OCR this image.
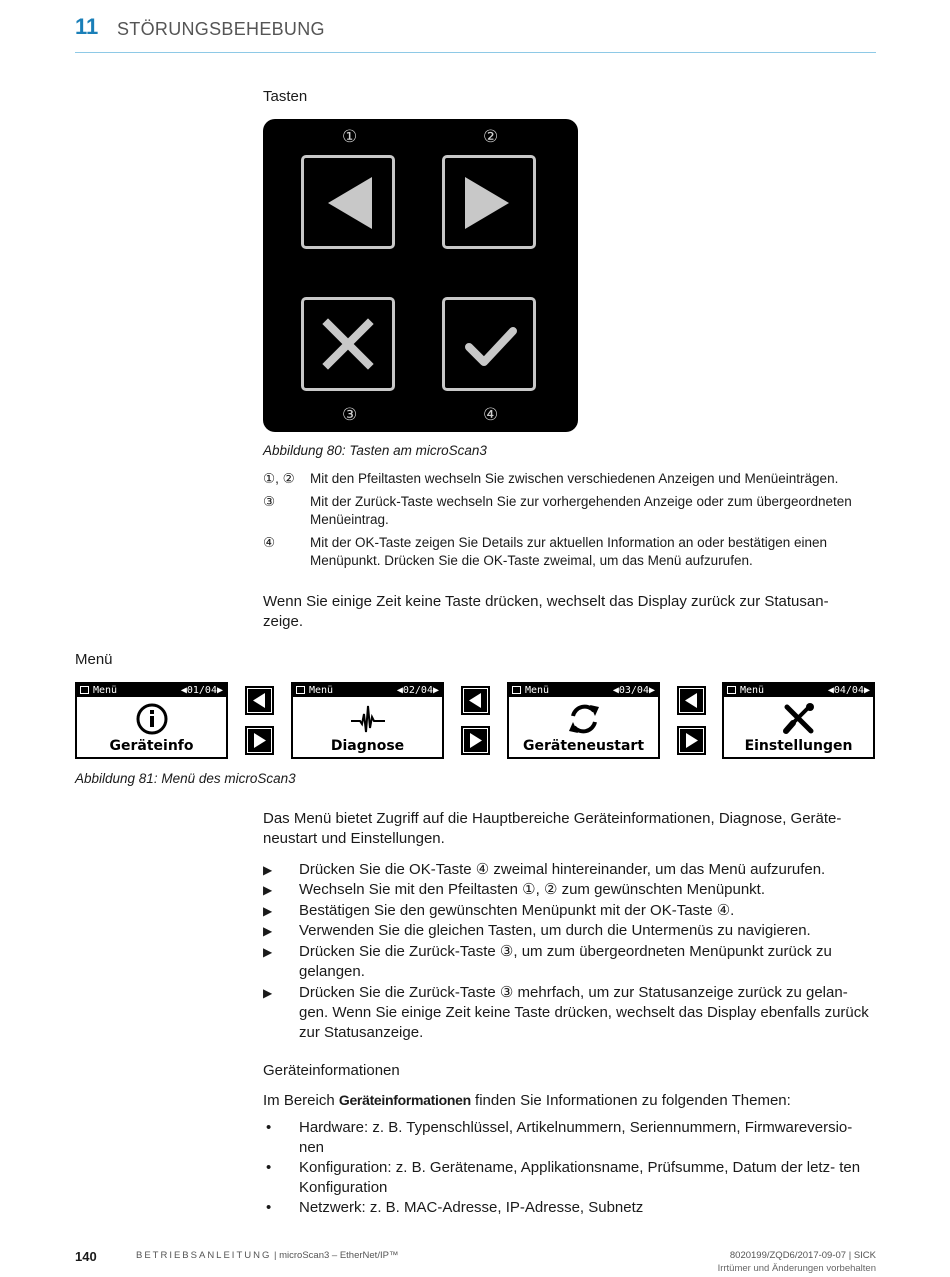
11 STÖRUNGSBEHEBUNG
Tasten
①	②
③	④
Abbildung 80: Tasten am microScan3
①, ② Mit den Pfeiltasten wechseln Sie zwischen verschiedenen Anzeigen und Menüeinträgen.
③	Mit der Zurück-Taste wechseln Sie zur vorhergehenden Anzeige oder zum übergeordneten Menüeintrag.
④	Mit der OK-Taste zeigen Sie Details zur aktuellen Information an oder bestätigen einen Menüpunkt. Drücken Sie die OK-Taste zweimal, um das Menü aufzurufen.
Wenn Sie einige Zeit keine Taste drücken, wechselt das Display zurück zur Statusan- zeige.
Menü
Menü	◀01/04▶
Geräteinfo
Menü	◀02/04▶
Diagnose
Menü	◀03/04▶
Geräteneustart
Menü	◀04/04▶
Einstellungen
Abbildung 81: Menü des microScan3
Das Menü bietet Zugriff auf die Hauptbereiche Geräteinformationen, Diagnose, Geräte- neustart und Einstellungen.
▶ Drücken Sie die OK-Taste ④ zweimal hintereinander, um das Menü aufzurufen.
▶ Wechseln Sie mit den Pfeiltasten ①, ② zum gewünschten Menüpunkt.
▶ Bestätigen Sie den gewünschten Menüpunkt mit der OK-Taste ④.
▶ Verwenden Sie die gleichen Tasten, um durch die Untermenüs zu navigieren.
▶ Drücken Sie die Zurück-Taste ③, um zum übergeordneten Menüpunkt zurück zu gelangen.
▶ Drücken Sie die Zurück-Taste ③ mehrfach, um zur Statusanzeige zurück zu gelan- gen. Wenn Sie einige Zeit keine Taste drücken, wechselt das Display ebenfalls zurück zur Statusanzeige.
Geräteinformationen
Im Bereich Geräteinformationen finden Sie Informationen zu folgenden Themen:
• Hardware: z. B. Typenschlüssel, Artikelnummern, Seriennummern, Firmwareversio- nen
• Konfiguration: z. B. Gerätename, Applikationsname, Prüfsumme, Datum der letz- ten Konfiguration
• Netzwerk: z. B. MAC-Adresse, IP-Adresse, Subnetz
140	BETRIEBSANLEITUNG | microScan3 – EtherNet/IP™	8020199/ZQD6/2017-09-07 | SICK
Irrtümer und Änderungen vorbehalten
